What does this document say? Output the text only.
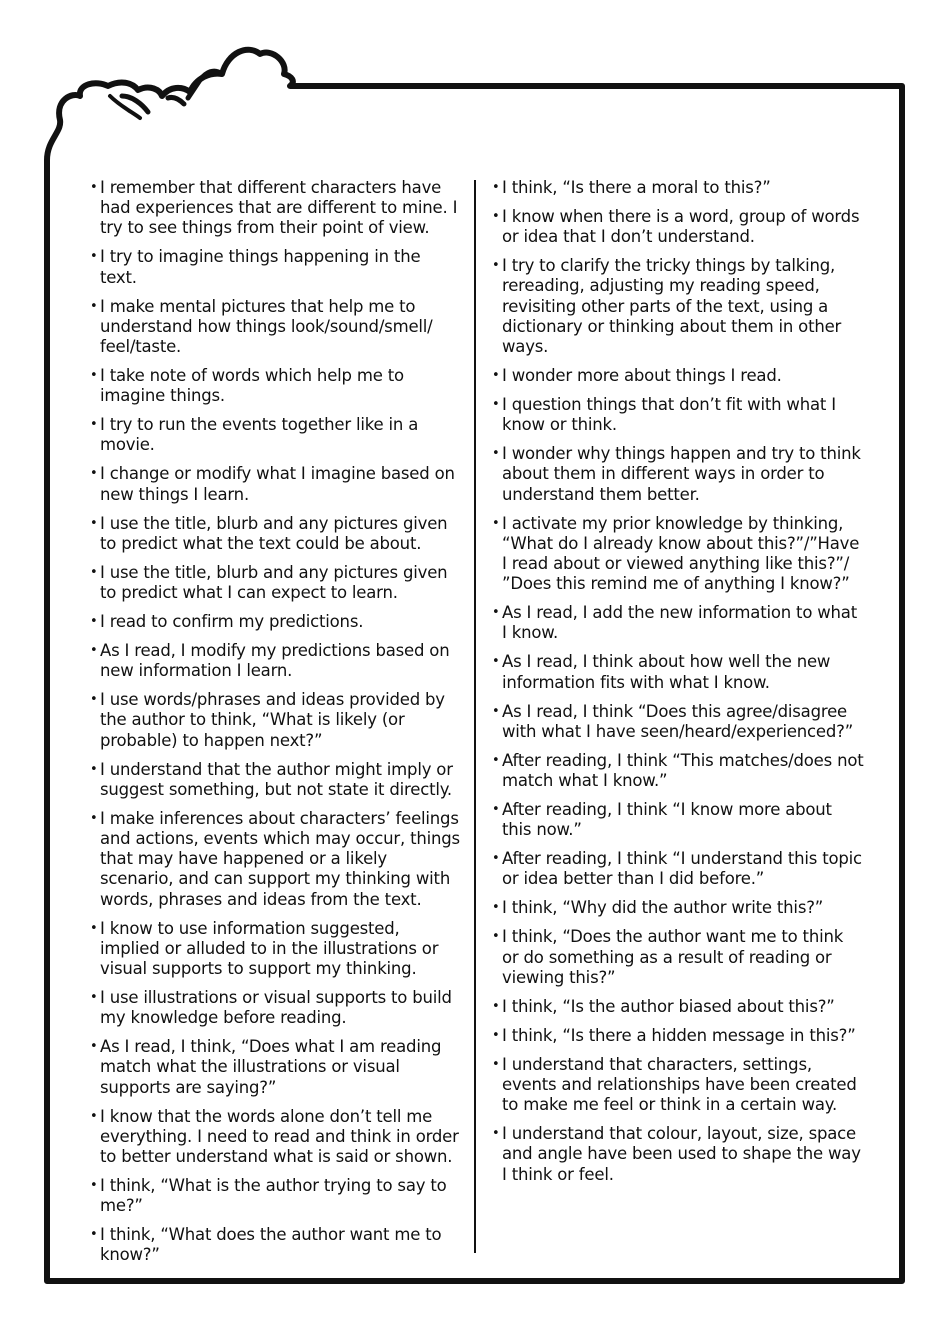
• I remember that different characters have had experiences that are different to mine. I try to see things from their point of view.
• I try to imagine things happening in the text.
• I make mental pictures that help me to understand how things look/sound/smell/ feel/taste.
• I take note of words which help me to imagine things.
• I try to run the events together like in a movie.
• I change or modify what I imagine based on new things I learn.
• I use the title, blurb and any pictures given to predict what the text could be about.
• I use the title, blurb and any pictures given to predict what I can expect to learn.
• I read to confirm my predictions.
• As I read, I modify my predictions based on new information I learn.
• I use words/phrases and ideas provided by the author to think, “What is likely (or probable) to happen next?”
• I understand that the author might imply or suggest something, but not state it directly.
• I make inferences about characters’ feelings and actions, events which may occur, things that may have happened or a likely scenario, and can support my thinking with words, phrases and ideas from the text.
• I know to use information suggested, implied or alluded to in the illustrations or visual supports to support my thinking.
• I use illustrations or visual supports to build my knowledge before reading.
• As I read, I think, “Does what I am reading match what the illustrations or visual supports are saying?”
• I know that the words alone don’t tell me everything. I need to read and think in order to better understand what is said or shown.
• I think, “What is the author trying to say to me?”
• I think, “What does the author want me to know?”
• I think, “Is there a moral to this?”
• I know when there is a word, group of words or idea that I don’t understand.
• I try to clarify the tricky things by talking, rereading, adjusting my reading speed, revisiting other parts of the text, using a dictionary or thinking about them in other ways.
• I wonder more about things I read.
• I question things that don’t fit with what I know or think.
• I wonder why things happen and try to think about them in different ways in order to understand them better.
• I activate my prior knowledge by thinking, “What do I already know about this?”/”Have I read about or viewed anything like this?”/ ”Does this remind me of anything I know?”
• As I read, I add the new information to what I know.
• As I read, I think about how well the new information fits with what I know.
• As I read, I think “Does this agree/disagree with what I have seen/heard/experienced?”
• After reading, I think “This matches/does not match what I know.”
• After reading, I think “I know more about this now.”
• After reading, I think “I understand this topic or idea better than I did before.”
• I think, “Why did the author write this?”
• I think, “Does the author want me to think or do something as a result of reading or viewing this?”
• I think, “Is the author biased about this?”
• I think, “Is there a hidden message in this?”
• I understand that characters, settings, events and relationships have been created to make me feel or think in a certain way.
• I understand that colour, layout, size, space and angle have been used to shape the way I think or feel.
